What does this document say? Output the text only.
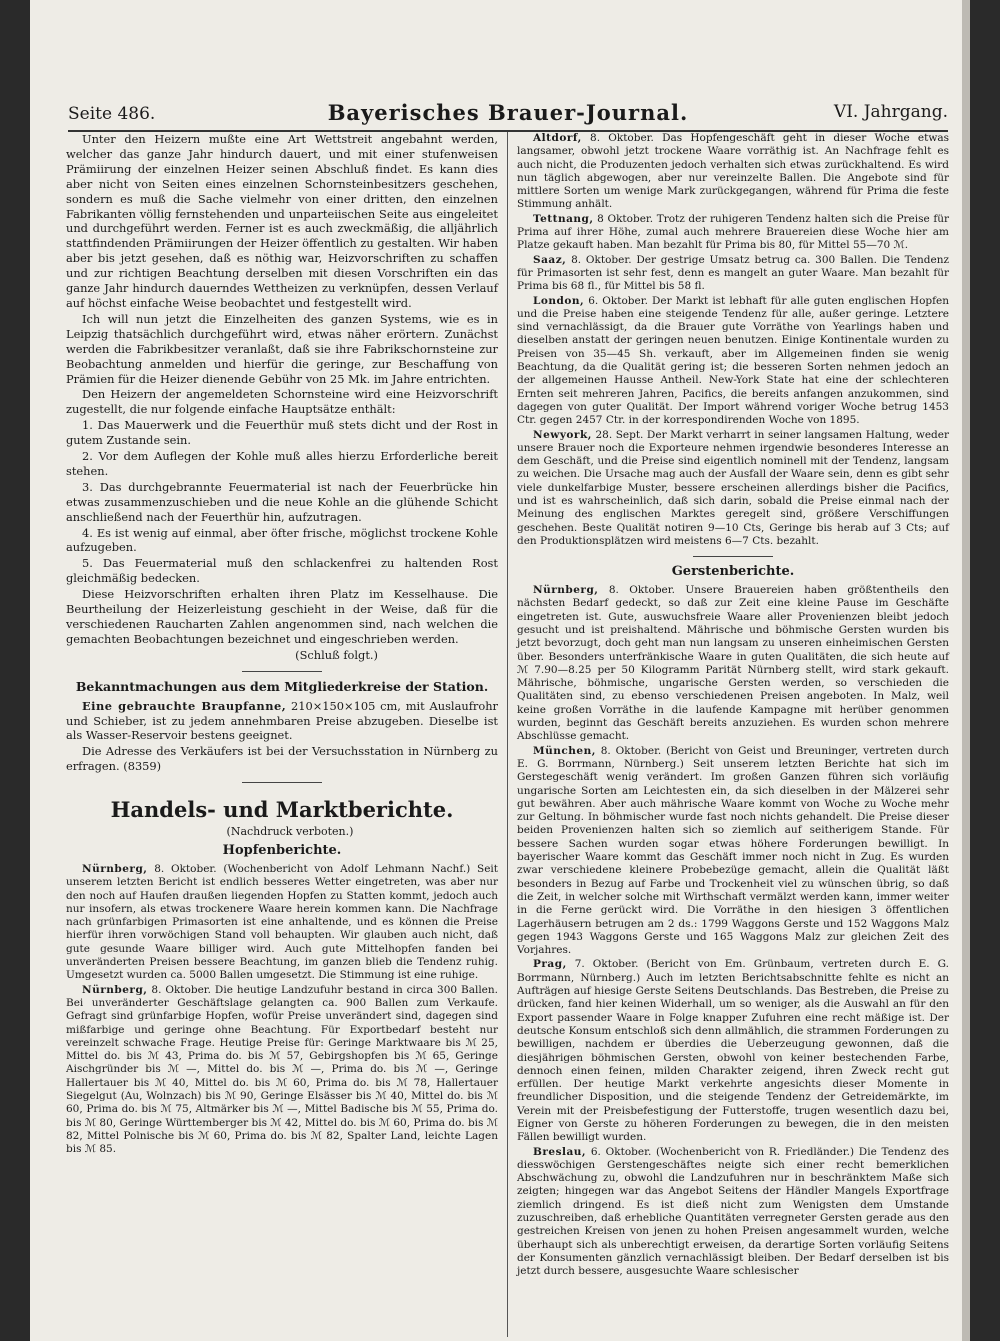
Seite 486.	Bayerisches Brauer-Journal.	VI. Jahrgang.

Unter den Heizern mußte eine Art Wettstreit angebahnt werden, welcher das ganze Jahr hindurch dauert, und mit einer stufenweisen Prämiirung der einzelnen Heizer seinen Abschluß findet. Es kann dies aber nicht von Seiten eines einzelnen Schornsteinbesitzers geschehen, sondern es muß die Sache vielmehr von einer dritten, den einzelnen Fabrikanten völlig fernstehenden und unparteiischen Seite aus eingeleitet und durchgeführt werden. Ferner ist es auch zweckmäßig, die alljährlich stattfindenden Prämiirungen der Heizer öffentlich zu gestalten. Wir haben aber bis jetzt gesehen, daß es nöthig war, Heizvorschriften zu schaffen und zur richtigen Beachtung derselben mit diesen Vorschriften ein das ganze Jahr hindurch dauerndes Wettheizen zu verknüpfen, dessen Verlauf auf höchst einfache Weise beobachtet und festgestellt wird.

Ich will nun jetzt die Einzelheiten des ganzen Systems, wie es in Leipzig thatsächlich durchgeführt wird, etwas näher erörtern. Zunächst werden die Fabrikbesitzer veranlaßt, daß sie ihre Fabrikschornsteine zur Beobachtung anmelden und hierfür die geringe, zur Beschaffung von Prämien für die Heizer dienende Gebühr von 25 Mk. im Jahre entrichten.

Den Heizern der angemeldeten Schornsteine wird eine Heizvorschrift zugestellt, die nur folgende einfache Hauptsätze enthält:

1. Das Mauerwerk und die Feuerthür muß stets dicht und der Rost in gutem Zustande sein.

2. Vor dem Auflegen der Kohle muß alles hierzu Erforderliche bereit stehen.

3. Das durchgebrannte Feuermaterial ist nach der Feuerbrücke hin etwas zusammenzuschieben und die neue Kohle an die glühende Schicht anschließend nach der Feuerthür hin, aufzutragen.

4. Es ist wenig auf einmal, aber öfter frische, möglichst trockene Kohle aufzugeben.

5. Das Feuermaterial muß den schlackenfrei zu haltenden Rost gleichmäßig bedecken.

Diese Heizvorschriften erhalten ihren Platz im Kesselhause. Die Beurtheilung der Heizerleistung geschieht in der Weise, daß für die verschiedenen Raucharten Zahlen angenommen sind, nach welchen die gemachten Beobachtungen bezeichnet und eingeschrieben werden.

(Schluß folgt.)

Bekanntmachungen aus dem Mitgliederkreise der Station.

Eine gebrauchte Braupfanne, 210×150×105 cm, mit Auslaufrohr und Schieber, ist zu jedem annehmbaren Preise abzugeben. Dieselbe ist als Wasser-Reservoir bestens geeignet.

Die Adresse des Verkäufers ist bei der Versuchsstation in Nürnberg zu erfragen. (8359)

Handels- und Marktberichte.

(Nachdruck verboten.)

Hopfenberichte.

Nürnberg, 8. Oktober. (Wochenbericht von Adolf Lehmann Nachf.) Seit unserem letzten Bericht ist endlich besseres Wetter eingetreten, was aber nur den noch auf Haufen draußen liegenden Hopfen zu Statten kommt, jedoch auch nur insofern, als etwas trockenere Waare herein kommen kann. Die Nachfrage nach grünfarbigen Primasorten ist eine anhaltende, und es können die Preise hierfür ihren vorwöchigen Stand voll behaupten. Wir glauben auch nicht, daß gute gesunde Waare billiger wird. Auch gute Mittelhopfen fanden bei unveränderten Preisen bessere Beachtung, im ganzen blieb die Tendenz ruhig. Umgesetzt wurden ca. 5000 Ballen umgesetzt. Die Stimmung ist eine ruhige.

Nürnberg, 8. Oktober. Die heutige Landzufuhr bestand in circa 300 Ballen. Bei unveränderter Geschäftslage gelangten ca. 900 Ballen zum Verkaufe. Gefragt sind grünfarbige Hopfen, wofür Preise unverändert sind, dagegen sind mißfarbige und geringe ohne Beachtung. Für Exportbedarf besteht nur vereinzelt schwache Frage. Heutige Preise für: Geringe Marktwaare bis ℳ 25, Mittel do. bis ℳ 43, Prima do. bis ℳ 57, Gebirgshopfen bis ℳ 65, Geringe Aischgründer bis ℳ —, Mittel do. bis ℳ —, Prima do. bis ℳ —, Geringe Hallertauer bis ℳ 40, Mittel do. bis ℳ 60, Prima do. bis ℳ 78, Hallertauer Siegelgut (Au, Wolnzach) bis ℳ 90, Geringe Elsässer bis ℳ 40, Mittel do. bis ℳ 60, Prima do. bis ℳ 75, Altmärker bis ℳ —, Mittel Badische bis ℳ 55, Prima do. bis ℳ 80, Geringe Württemberger bis ℳ 42, Mittel do. bis ℳ 60, Prima do. bis ℳ 82, Mittel Polnische bis ℳ 60, Prima do. bis ℳ 82, Spalter Land, leichte Lagen bis ℳ 85.

Altdorf, 8. Oktober. Das Hopfengeschäft geht in dieser Woche etwas langsamer, obwohl jetzt trockene Waare vorräthig ist. An Nachfrage fehlt es auch nicht, die Produzenten jedoch verhalten sich etwas zurückhaltend. Es wird nun täglich abgewogen, aber nur vereinzelte Ballen. Die Angebote sind für mittlere Sorten um wenige Mark zurückgegangen, während für Prima die feste Stimmung anhält.

Tettnang, 8 Oktober. Trotz der ruhigeren Tendenz halten sich die Preise für Prima auf ihrer Höhe, zumal auch mehrere Brauereien diese Woche hier am Platze gekauft haben. Man bezahlt für Prima bis 80, für Mittel 55—70 ℳ.

Saaz, 8. Oktober. Der gestrige Umsatz betrug ca. 300 Ballen. Die Tendenz für Primasorten ist sehr fest, denn es mangelt an guter Waare. Man bezahlt für Prima bis 68 fl., für Mittel bis 58 fl.

London, 6. Oktober. Der Markt ist lebhaft für alle guten englischen Hopfen und die Preise haben eine steigende Tendenz für alle, außer geringe. Letztere sind vernachlässigt, da die Brauer gute Vorräthe von Yearlings haben und dieselben anstatt der geringen neuen benutzen. Einige Kontinentale wurden zu Preisen von 35—45 Sh. verkauft, aber im Allgemeinen finden sie wenig Beachtung, da die Qualität gering ist; die besseren Sorten nehmen jedoch an der allgemeinen Hausse Antheil. New-York State hat eine der schlechteren Ernten seit mehreren Jahren, Pacifics, die bereits anfangen anzukommen, sind dagegen von guter Qualität. Der Import während voriger Woche betrug 1453 Ctr. gegen 2457 Ctr. in der korrespondirenden Woche von 1895.

Newyork, 28. Sept. Der Markt verharrt in seiner langsamen Haltung, weder unsere Brauer noch die Exporteure nehmen irgendwie besonderes Interesse an dem Geschäft, und die Preise sind eigentlich nominell mit der Tendenz, langsam zu weichen. Die Ursache mag auch der Ausfall der Waare sein, denn es gibt sehr viele dunkelfarbige Muster, bessere erscheinen allerdings bisher die Pacifics, und ist es wahrscheinlich, daß sich darin, sobald die Preise einmal nach der Meinung des englischen Marktes geregelt sind, größere Verschiffungen geschehen. Beste Qualität notiren 9—10 Cts, Geringe bis herab auf 3 Cts; auf den Produktionsplätzen wird meistens 6—7 Cts. bezahlt.

Gerstenberichte.

Nürnberg, 8. Oktober. Unsere Brauereien haben größtentheils den nächsten Bedarf gedeckt, so daß zur Zeit eine kleine Pause im Geschäfte eingetreten ist. Gute, auswuchsfreie Waare aller Provenienzen bleibt jedoch gesucht und ist preishaltend. Mährische und böhmische Gersten wurden bis jetzt bevorzugt, doch geht man nun langsam zu unseren einheimischen Gersten über. Besonders unterfränkische Waare in guten Qualitäten, die sich heute auf ℳ 7.90—8.25 per 50 Kilogramm Parität Nürnberg stellt, wird stark gekauft. Mährische, böhmische, ungarische Gersten werden, so verschieden die Qualitäten sind, zu ebenso verschiedenen Preisen angeboten. In Malz, weil keine großen Vorräthe in die laufende Kampagne mit herüber genommen wurden, beginnt das Geschäft bereits anzuziehen. Es wurden schon mehrere Abschlüsse gemacht.

München, 8. Oktober. (Bericht von Geist und Breuninger, vertreten durch E. G. Borrmann, Nürnberg.) Seit unserem letzten Berichte hat sich im Gerstegeschäft wenig verändert. Im großen Ganzen führen sich vorläufig ungarische Sorten am Leichtesten ein, da sich dieselben in der Mälzerei sehr gut bewähren. Aber auch mährische Waare kommt von Woche zu Woche mehr zur Geltung. In böhmischer wurde fast noch nichts gehandelt. Die Preise dieser beiden Provenienzen halten sich so ziemlich auf seitherigem Stande. Für bessere Sachen wurden sogar etwas höhere Forderungen bewilligt. In bayerischer Waare kommt das Geschäft immer noch nicht in Zug. Es wurden zwar verschiedene kleinere Probebezüge gemacht, allein die Qualität läßt besonders in Bezug auf Farbe und Trockenheit viel zu wünschen übrig, so daß die Zeit, in welcher solche mit Wirthschaft vermälzt werden kann, immer weiter in die Ferne gerückt wird. Die Vorräthe in den hiesigen 3 öffentlichen Lagerhäusern betrugen am 2 ds.: 1799 Waggons Gerste und 152 Waggons Malz gegen 1943 Waggons Gerste und 165 Waggons Malz zur gleichen Zeit des Vorjahres.

Prag, 7. Oktober. (Bericht von Em. Grünbaum, vertreten durch E. G. Borrmann, Nürnberg.) Auch im letzten Berichtsabschnitte fehlte es nicht an Aufträgen auf hiesige Gerste Seitens Deutschlands. Das Bestreben, die Preise zu drücken, fand hier keinen Widerhall, um so weniger, als die Auswahl an für den Export passender Waare in Folge knapper Zufuhren eine recht mäßige ist. Der deutsche Konsum entschloß sich denn allmählich, die strammen Forderungen zu bewilligen, nachdem er überdies die Ueberzeugung gewonnen, daß die diesjährigen böhmischen Gersten, obwohl von keiner bestechenden Farbe, dennoch einen feinen, milden Charakter zeigend, ihren Zweck recht gut erfüllen. Der heutige Markt verkehrte angesichts dieser Momente in freundlicher Disposition, und die steigende Tendenz der Getreidemärkte, im Verein mit der Preisbefestigung der Futterstoffe, trugen wesentlich dazu bei, Eigner von Gerste zu höheren Forderungen zu bewegen, die in den meisten Fällen bewilligt wurden.

Breslau, 6. Oktober. (Wochenbericht von R. Friedländer.) Die Tendenz des diesswöchigen Gerstengeschäftes neigte sich einer recht bemerklichen Abschwächung zu, obwohl die Landzufuhren nur in beschränktem Maße sich zeigten; hingegen war das Angebot Seitens der Händler Mangels Exportfrage ziemlich dringend. Es ist dieß nicht zum Wenigsten dem Umstande zuzuschreiben, daß erhebliche Quantitäten verregneter Gersten gerade aus den gestreichen Kreisen von jenen zu hohen Preisen angesammelt wurden, welche überhaupt sich als unberechtigt erweisen, da derartige Sorten vorläufig Seitens der Konsumenten gänzlich vernachlässigt bleiben. Der Bedarf derselben ist bis jetzt durch bessere, ausgesuchte Waare schlesischer
